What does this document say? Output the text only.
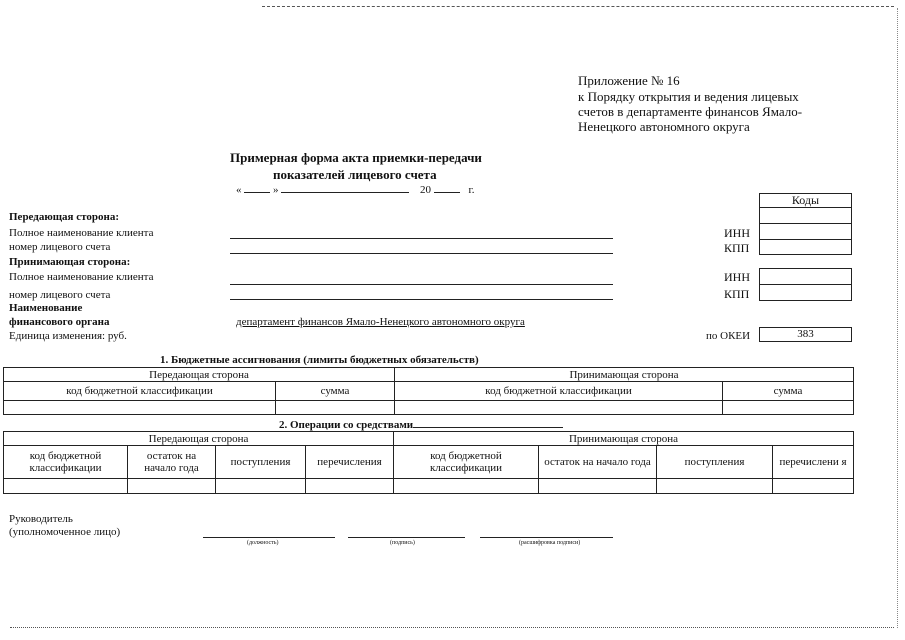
Приложение № 16
к Порядку открытия и ведения лицевых
счетов в департаменте финансов Ямало-
Ненецкого автономного округа
Примерная форма акта приемки-передачи
показателей лицевого счета
«	»	20	г.
Коды
Передающая сторона:
Полное наименование клиента
номер лицевого счета
ИНН
КПП
Принимающая сторона:
Полное наименование клиента
номер лицевого счета
ИНН
КПП
Наименование
финансового органа	департамент финансов Ямало-Ненецкого автономного округа
Единица изменения: руб.	по ОКЕИ	383
1. Бюджетные ассигнования (лимиты бюджетных обязательств)
Передающая сторона		Принимающая сторона	
код бюджетной классификации	сумма	код бюджетной классификации	сумма

2. Операции со средствами
Передающая сторона				Принимающая сторона			
код бюджетной классификации	остаток на начало года	поступления	перечисления	код бюджетной классификации	остаток на начало года	поступления	перечислени я

Руководитель
(уполномоченное лицо)
(должность)	(подпись)	(расшифровка подписи)
